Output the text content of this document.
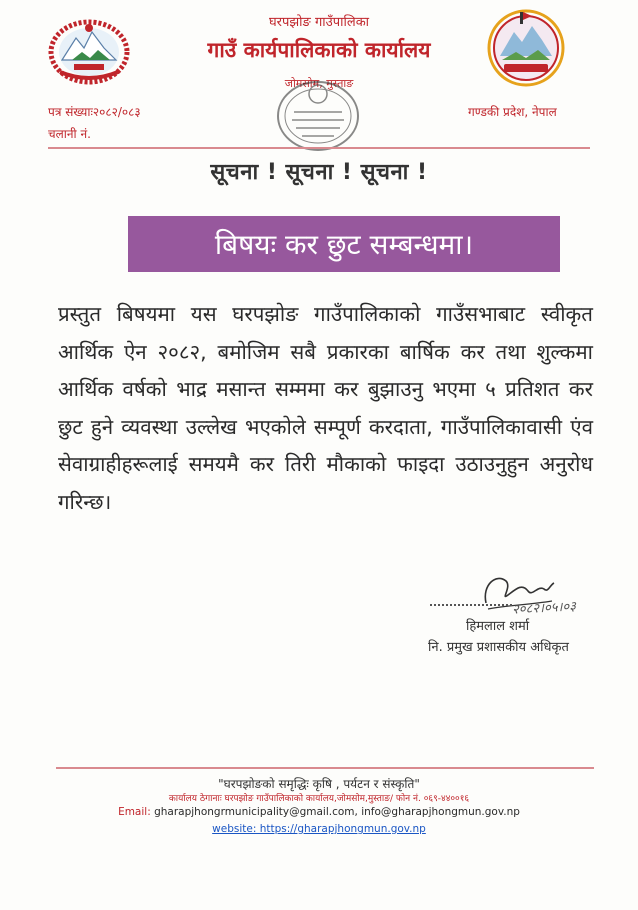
घरपझोङ गाउँपालिका
गाउँ कार्यपालिकाको कार्यालय
जोमसोम, मुस्ताङ
पत्र संख्याः२०८२/०८३
चलानी नं.
गण्डकी प्रदेश, नेपाल
सूचना ! सूचना ! सूचना !
बिषयः कर छुट सम्बन्धमा।
प्रस्तुत बिषयमा यस घरपझोङ गाउँपालिकाको गाउँसभाबाट स्वीकृत आर्थिक ऐन २०८२, बमोजिम सबै प्रकारका बार्षिक कर तथा शुल्कमा आर्थिक वर्षको भाद्र मसान्त सम्ममा कर बुझाउनु भएमा ५ प्रतिशत कर छुट हुने व्यवस्था उल्लेख भएकोले सम्पूर्ण करदाता, गाउँपालिकावासी एंव सेवाग्राहीहरूलाई समयमै कर तिरी मौकाको फाइदा उठाउनुहुन अनुरोध गरिन्छ।
२०८२।०५।०३
हिमलाल शर्मा
नि. प्रमुख प्रशासकीय अधिकृत
"घरपझोङको समृद्धिः कृषि , पर्यटन र संस्कृति"
कार्यालय ठेगानाः घरपझोङ गाउँपालिकाको कार्यालय,जोमसोम,मुस्ताङ/ फोन नं. ०६९-४४००१६
Email: gharapjhongrmunicipality@gmail.com, info@gharapjhongmun.gov.np
website: https://gharapjhongmun.gov.np
